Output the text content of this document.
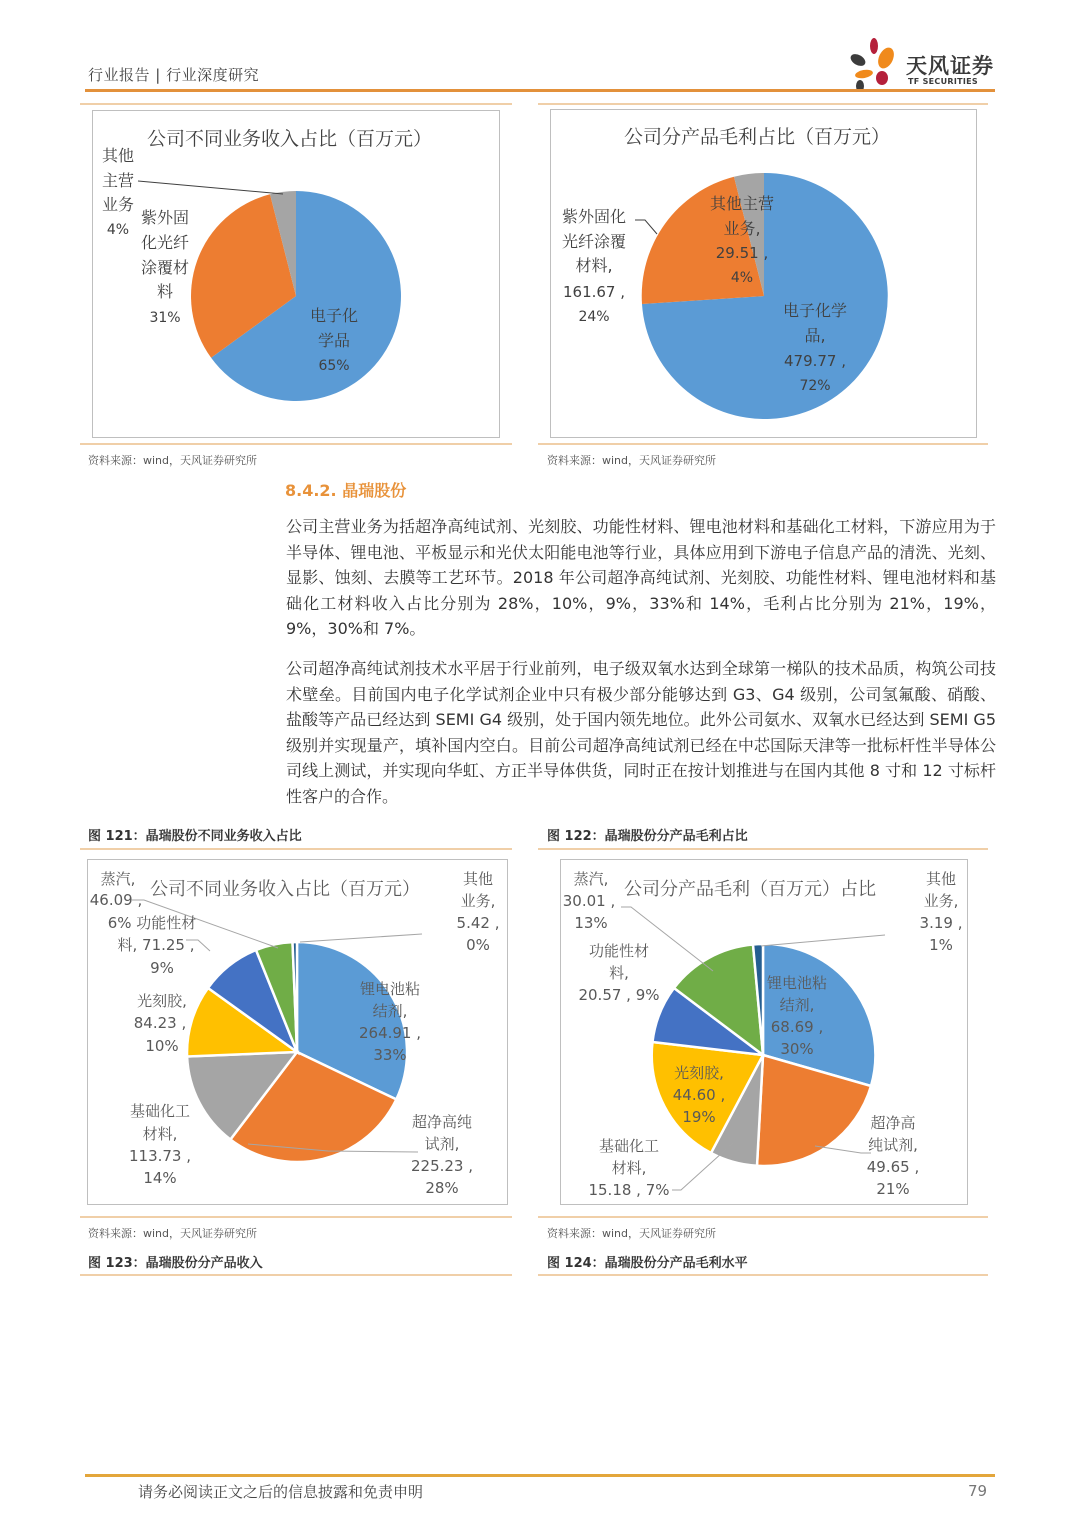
行业报告 | 行业深度研究	天风证券
TF SECURITIES
公司不同业务收入占比（百万元）
其他
主营
业务
4%
紫外固
化光纤
涂覆材
料
31%	电子化
学品
65%
公司分产品毛利占比（百万元）
紫外固化
光纤涂覆
材料,
161.67 ,
24%
其他主营
业务,
29.51 ,
4%
电子化学
品,
479.77 ,
72%
资料来源：wind，天风证券研究所	资料来源：wind，天风证券研究所
8.4.2. 晶瑞股份

公司主营业务为括超净高纯试剂、光刻胶、功能性材料、锂电池材料和基础化工材料，下游应用为于半导体、锂电池、平板显示和光伏太阳能电池等行业，具体应用到下游电子信息产品的清洗、光刻、显影、蚀刻、去膜等工艺环节。2018 年公司超净高纯试剂、光刻胶、功能性材料、锂电池材料和基础化工材料收入占比分别为 28%，10%，9%，33%和 14%，毛利占比分别为 21%，19%，9%，30%和 7%。

公司超净高纯试剂技术水平居于行业前列，电子级双氧水达到全球第一梯队的技术品质，构筑公司技术壁垒。目前国内电子化学试剂企业中只有极少部分能够达到 G3、G4 级别，公司氢氟酸、硝酸、盐酸等产品已经达到 SEMI G4 级别，处于国内领先地位。此外公司氨水、双氧水已经达到 SEMI G5 级别并实现量产，填补国内空白。目前公司超净高纯试剂已经在中芯国际天津等一批标杆性半导体公司线上测试，并实现向华虹、方正半导体供货，同时正在按计划推进与在国内其他 8 寸和 12 寸标杆性客户的合作。

图 121：晶瑞股份不同业务收入占比	图 122：晶瑞股份分产品毛利占比
公司不同业务收入占比（百万元）
蒸汽,
46.09 ,
6% 功能性材
料, 71.25 ,
9%
光刻胶,
84.23 ,
10%
基础化工
材料,
113.73 ,
14%
锂电池粘
结剂,
264.91 ,
33%
超净高纯
试剂,
225.23 ,
28%
其他
业务,
5.42 ,
0%
公司分产品毛利（百万元）占比
蒸汽,
30.01 ,
13%
功能性材
料,
20.57 , 9%
基础化工
材料,
15.18 , 7%
光刻胶,
44.60 ,
19%
锂电池粘
结剂,
68.69 ,
30%
超净高
纯试剂,
49.65 ,
21%
其他
业务,
3.19 ,
1%
资料来源：wind，天风证券研究所	资料来源：wind，天风证券研究所
图 123：晶瑞股份分产品收入	图 124：晶瑞股份分产品毛利水平
请务必阅读正文之后的信息披露和免责申明	79
